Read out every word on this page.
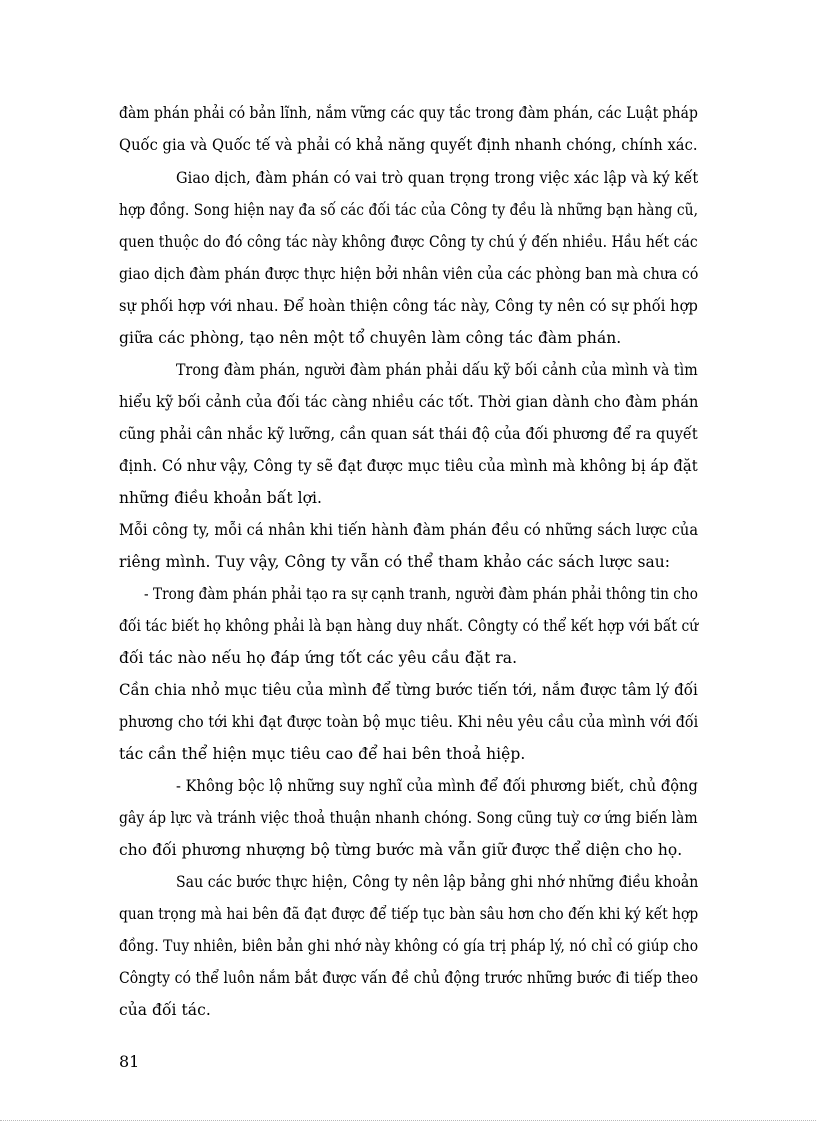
đàm phán phải có bản lĩnh, nắm vững các quy tắc trong đàm phán, các Luật pháp
Quốc gia và Quốc tế và phải có khả năng quyết định nhanh chóng, chính xác.
Giao dịch, đàm phán có vai trò quan trọng trong việc xác lập và ký kết
hợp đồng. Song hiện nay đa số các đối tác của Công ty đều là những bạn hàng cũ,
quen thuộc do đó công tác này không được Công ty chú ý đến nhiều. Hầu hết các
giao dịch đàm phán được thực hiện bởi nhân viên của các phòng ban mà chưa có
sự phối hợp với nhau. Để hoàn thiện công tác này, Công ty nên có sự phối hợp
giữa các phòng, tạo nên một tổ chuyên làm công tác đàm phán.
Trong đàm phán, người đàm phán phải dấu kỹ bối cảnh của mình và tìm
hiểu kỹ bối cảnh của đối tác càng nhiều các tốt. Thời gian dành cho đàm phán
cũng phải cân nhắc kỹ lưỡng, cần quan sát thái độ của đối phương để ra quyết
định. Có như vậy, Công ty sẽ đạt được mục tiêu của mình mà không bị áp đặt
những điều khoản bất lợi.
Mỗi công ty, mỗi cá nhân khi tiến hành đàm phán đều có những sách lược của
riêng mình. Tuy vậy, Công ty vẫn có thể tham khảo các sách lược sau:
- Trong đàm phán phải tạo ra sự cạnh tranh, người đàm phán phải thông tin cho
đối tác biết họ không phải là bạn hàng duy nhất. Côngty có thể kết hợp với bất cứ
đối tác nào nếu họ đáp ứng tốt các yêu cầu đặt ra.
Cần chia nhỏ mục tiêu của mình để từng bước tiến tới, nắm được tâm lý đối
phương cho tới khi đạt được toàn bộ mục tiêu. Khi nêu yêu cầu của mình với đối
tác cần thể hiện mục tiêu cao để hai bên thoả hiệp.
- Không bộc lộ những suy nghĩ của mình để đối phương biết, chủ động
gây áp lực và tránh việc thoả thuận nhanh chóng. Song cũng tuỳ cơ ứng biến làm
cho đối phương nhượng bộ từng bước mà vẫn giữ được thể diện cho họ.
Sau các bước thực hiện, Công ty nên lập bảng ghi nhớ những điều khoản
quan trọng mà hai bên đã đạt được để tiếp tục bàn sâu hơn cho đến khi ký kết hợp
đồng. Tuy nhiên, biên bản ghi nhớ này không có gía trị pháp lý, nó chỉ có giúp cho
Côngty có thể luôn nắm bắt được vấn đề chủ động trước những bước đi tiếp theo
của đối tác.
81
